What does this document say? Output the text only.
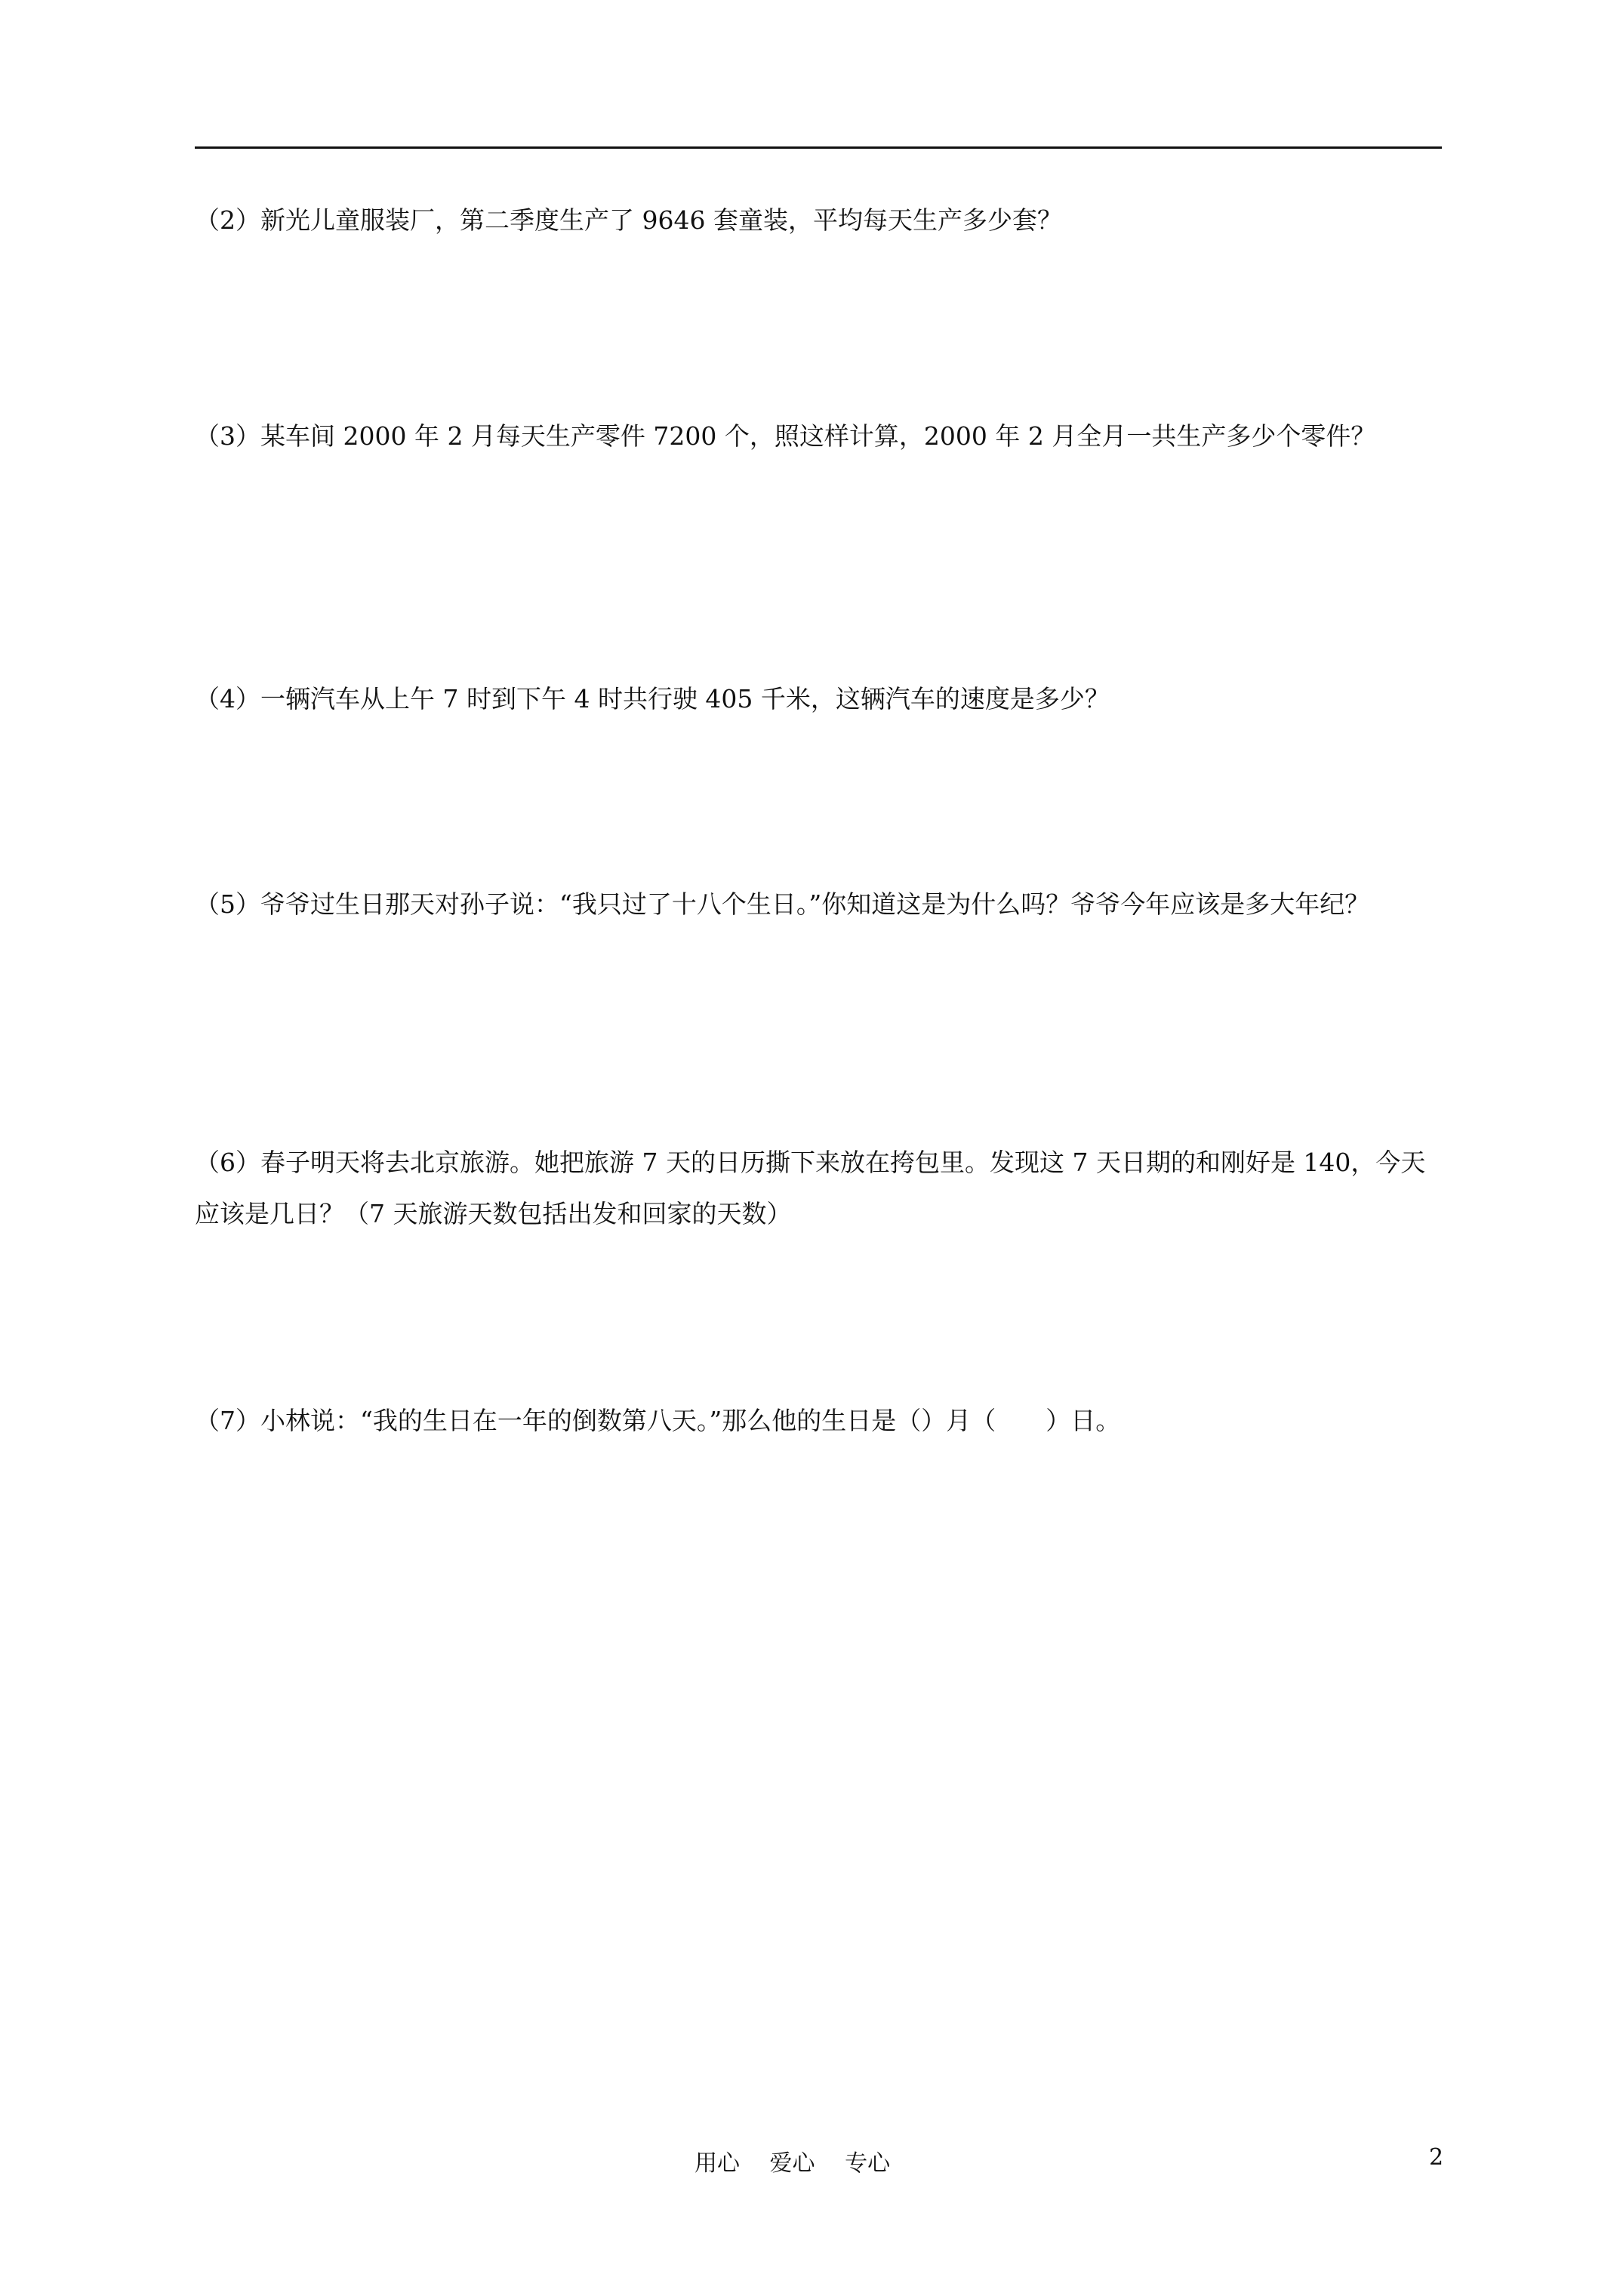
（2）新光儿童服装厂，第二季度生产了 9646 套童装，平均每天生产多少套？
（3）某车间 2000 年 2 月每天生产零件 7200 个，照这样计算，2000 年 2 月全月一共生产多少个零件？
（4）一辆汽车从上午 7 时到下午 4 时共行驶 405 千米，这辆汽车的速度是多少？
（5）爷爷过生日那天对孙子说：“我只过了十八个生日。”你知道这是为什么吗？爷爷今年应该是多大年纪？
（6）春子明天将去北京旅游。她把旅游 7 天的日历撕下来放在挎包里。发现这 7 天日期的和刚好是 140，今天应该是几日？（7 天旅游天数包括出发和回家的天数）
（7）小林说：“我的生日在一年的倒数第八天。”那么他的生日是（）月（　　）日。
用心　 爱心　 专心	2
